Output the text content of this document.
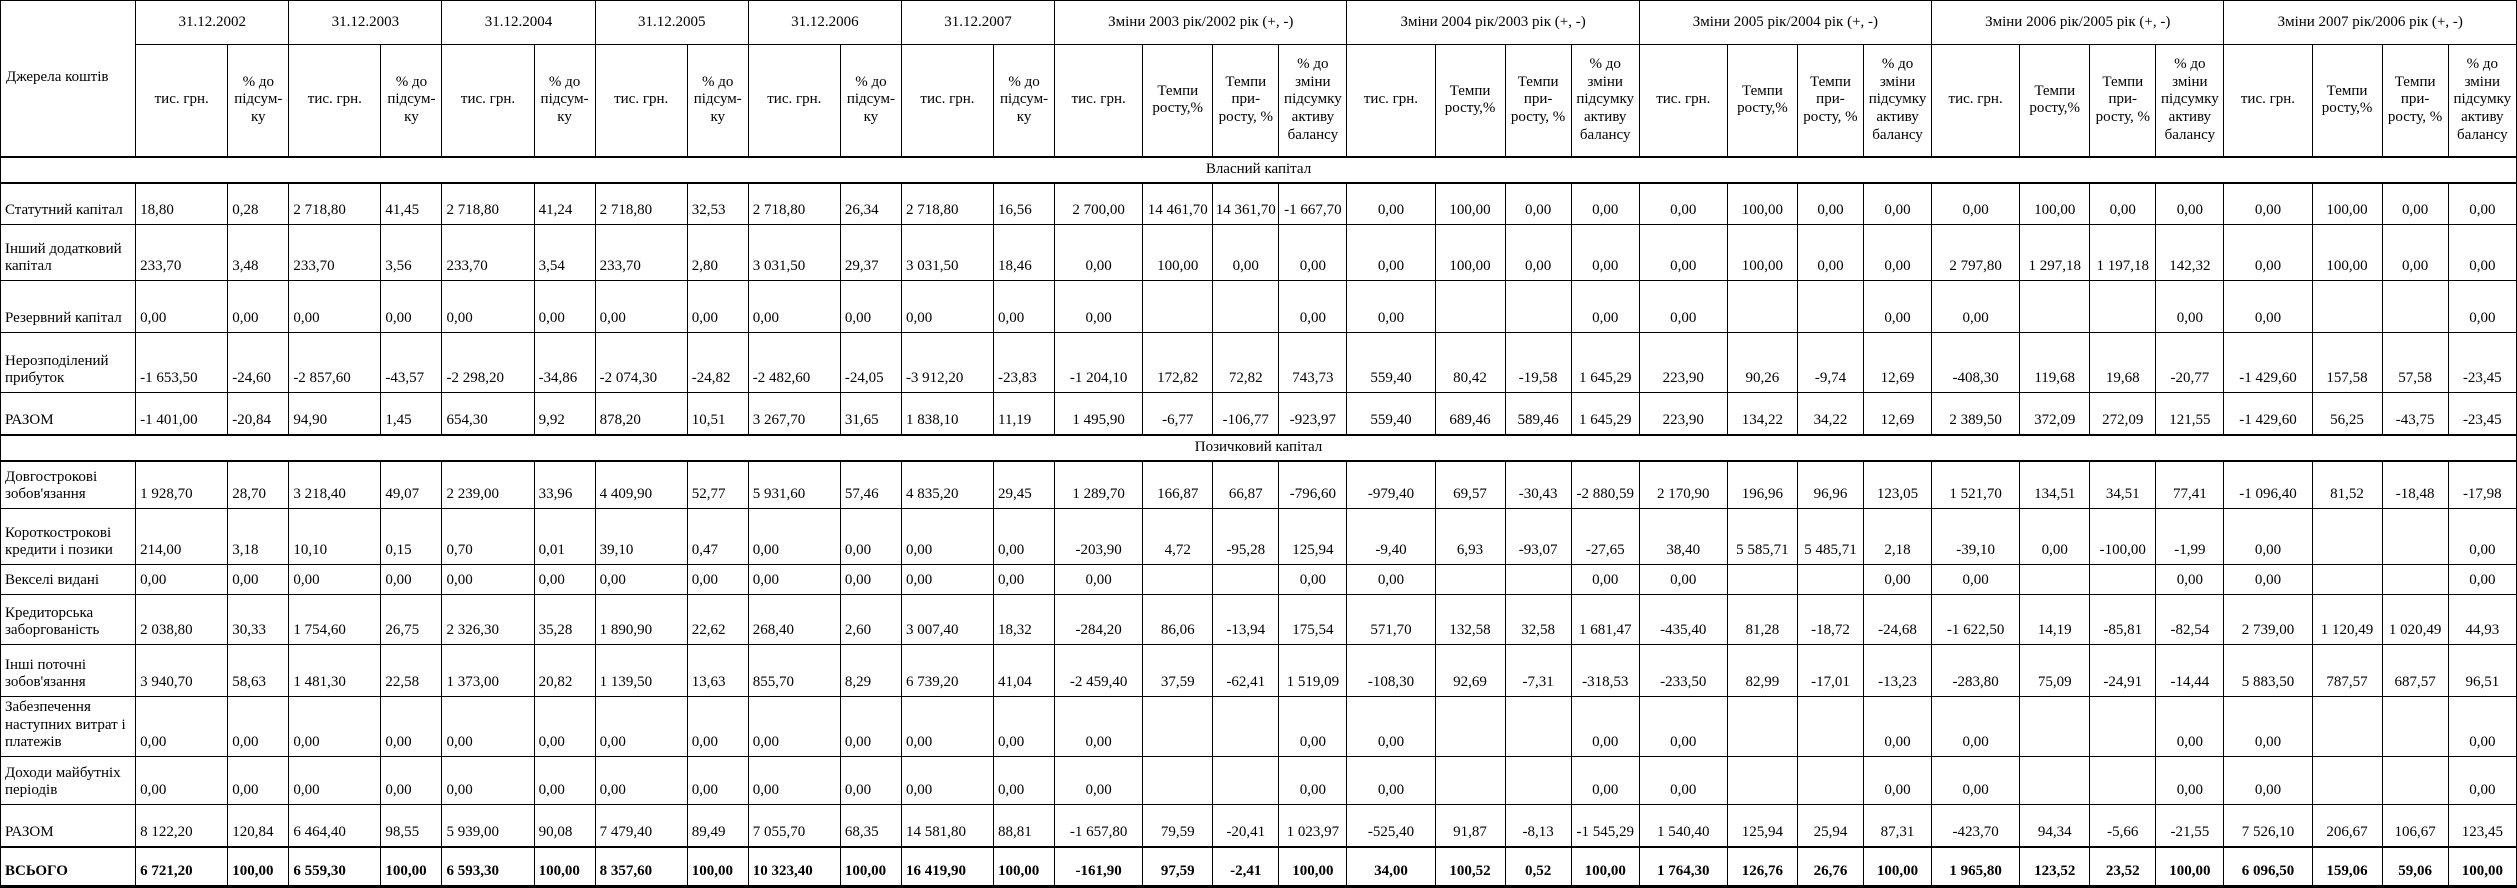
Джерела коштів	31.12.2002		31.12.2003		31.12.2004		31.12.2005		31.12.2006		31.12.2007		Зміни 2003 рік/2002 рік (+, -)				Зміни 2004 рік/2003 рік (+, -)				Зміни 2005 рік/2004 рік (+, -)				Зміни 2006 рік/2005 рік (+, -)				Зміни 2007 рік/2006 рік (+, -)			
	тис. грн.	% до підсум-ку	тис. грн.	% до підсум-ку	тис. грн.	% до підсум-ку	тис. грн.	% до підсум-ку	тис. грн.	% до підсум-ку	тис. грн.	% до підсум-ку	тис. грн.	Темпи росту,%	Темпи при-росту, %	% до зміни підсумку активу балансу	тис. грн.	Темпи росту,%	Темпи при-росту, %	% до зміни підсумку активу балансу	тис. грн.	Темпи росту,%	Темпи при-росту, %	% до зміни підсумку активу балансу	тис. грн.	Темпи росту,%	Темпи при-росту, %	% до зміни підсумку активу балансу	тис. грн.	Темпи росту,%	Темпи при-росту, %	% до зміни підсумку активу балансу
Власний капітал																																
Статутний капітал	18,80	0,28	2 718,80	41,45	2 718,80	41,24	2 718,80	32,53	2 718,80	26,34	2 718,80	16,56	2 700,00	14 461,70	14 361,70	-1 667,70	0,00	100,00	0,00	0,00	0,00	100,00	0,00	0,00	0,00	100,00	0,00	0,00	0,00	100,00	0,00	0,00
Інший додатковий капітал	233,70	3,48	233,70	3,56	233,70	3,54	233,70	2,80	3 031,50	29,37	3 031,50	18,46	0,00	100,00	0,00	0,00	0,00	100,00	0,00	0,00	0,00	100,00	0,00	0,00	2 797,80	1 297,18	1 197,18	142,32	0,00	100,00	0,00	0,00
Резервний капітал	0,00	0,00	0,00	0,00	0,00	0,00	0,00	0,00	0,00	0,00	0,00	0,00	0,00			0,00	0,00			0,00	0,00			0,00	0,00			0,00	0,00			0,00
Нерозподілений прибуток	-1 653,50	-24,60	-2 857,60	-43,57	-2 298,20	-34,86	-2 074,30	-24,82	-2 482,60	-24,05	-3 912,20	-23,83	-1 204,10	172,82	72,82	743,73	559,40	80,42	-19,58	1 645,29	223,90	90,26	-9,74	12,69	-408,30	119,68	19,68	-20,77	-1 429,60	157,58	57,58	-23,45
РАЗОМ	-1 401,00	-20,84	94,90	1,45	654,30	9,92	878,20	10,51	3 267,70	31,65	1 838,10	11,19	1 495,90	-6,77	-106,77	-923,97	559,40	689,46	589,46	1 645,29	223,90	134,22	34,22	12,69	2 389,50	372,09	272,09	121,55	-1 429,60	56,25	-43,75	-23,45
Позичковий капітал																																
Довгострокові зобов'язання	1 928,70	28,70	3 218,40	49,07	2 239,00	33,96	4 409,90	52,77	5 931,60	57,46	4 835,20	29,45	1 289,70	166,87	66,87	-796,60	-979,40	69,57	-30,43	-2 880,59	2 170,90	196,96	96,96	123,05	1 521,70	134,51	34,51	77,41	-1 096,40	81,52	-18,48	-17,98
Короткострокові кредити і позики	214,00	3,18	10,10	0,15	0,70	0,01	39,10	0,47	0,00	0,00	0,00	0,00	-203,90	4,72	-95,28	125,94	-9,40	6,93	-93,07	-27,65	38,40	5 585,71	5 485,71	2,18	-39,10	0,00	-100,00	-1,99	0,00			0,00
Векселі видані	0,00	0,00	0,00	0,00	0,00	0,00	0,00	0,00	0,00	0,00	0,00	0,00	0,00			0,00	0,00			0,00	0,00			0,00	0,00			0,00	0,00			0,00
Кредиторська заборгованість	2 038,80	30,33	1 754,60	26,75	2 326,30	35,28	1 890,90	22,62	268,40	2,60	3 007,40	18,32	-284,20	86,06	-13,94	175,54	571,70	132,58	32,58	1 681,47	-435,40	81,28	-18,72	-24,68	-1 622,50	14,19	-85,81	-82,54	2 739,00	1 120,49	1 020,49	44,93
Інші поточні зобов'язання	3 940,70	58,63	1 481,30	22,58	1 373,00	20,82	1 139,50	13,63	855,70	8,29	6 739,20	41,04	-2 459,40	37,59	-62,41	1 519,09	-108,30	92,69	-7,31	-318,53	-233,50	82,99	-17,01	-13,23	-283,80	75,09	-24,91	-14,44	5 883,50	787,57	687,57	96,51
Забезпечення наступних витрат і платежів	0,00	0,00	0,00	0,00	0,00	0,00	0,00	0,00	0,00	0,00	0,00	0,00	0,00			0,00	0,00			0,00	0,00			0,00	0,00			0,00	0,00			0,00
Доходи майбутніх періодів	0,00	0,00	0,00	0,00	0,00	0,00	0,00	0,00	0,00	0,00	0,00	0,00	0,00			0,00	0,00			0,00	0,00			0,00	0,00			0,00	0,00			0,00
РАЗОМ	8 122,20	120,84	6 464,40	98,55	5 939,00	90,08	7 479,40	89,49	7 055,70	68,35	14 581,80	88,81	-1 657,80	79,59	-20,41	1 023,97	-525,40	91,87	-8,13	-1 545,29	1 540,40	125,94	25,94	87,31	-423,70	94,34	-5,66	-21,55	7 526,10	206,67	106,67	123,45
ВСЬОГО	6 721,20	100,00	6 559,30	100,00	6 593,30	100,00	8 357,60	100,00	10 323,40	100,00	16 419,90	100,00	-161,90	97,59	-2,41	100,00	34,00	100,52	0,52	100,00	1 764,30	126,76	26,76	100,00	1 965,80	123,52	23,52	100,00	6 096,50	159,06	59,06	100,00
